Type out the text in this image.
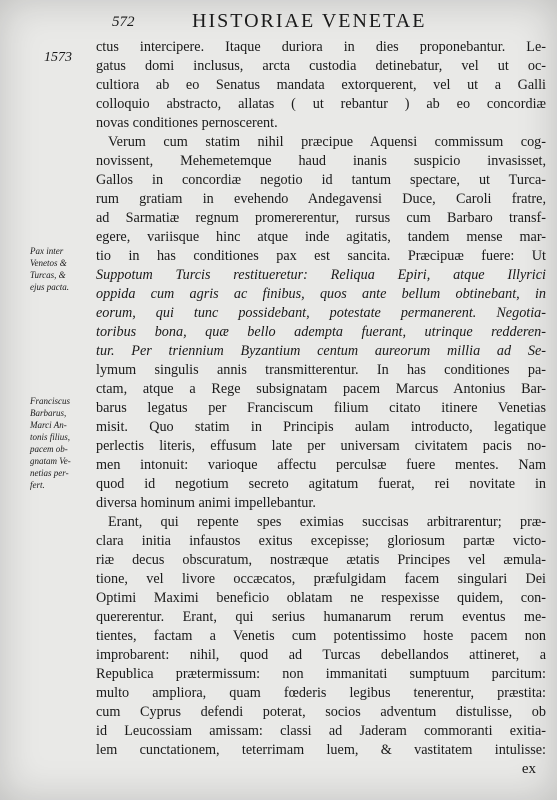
572	HISTORIAE VENETAE
1573
Pax inter
Venetos &
Turcas, &
ejus pacta.
Franciscus
Barbarus,
Marci An-
tonis filius,
pacem ob-
gnatam Ve-
netias per-
fert.
ctus intercipere. Itaque duriora in dies proponebantur. Le-
gatus domi inclusus, arcta custodia detinebatur, vel ut oc-
cultiora ab eo Senatus mandata extorquerent, vel ut a Galli
colloquio abstracto, allatas ( ut rebantur ) ab eo concordiæ
novas conditiones pernoscerent.
Verum cum statim nihil præcipue Aquensi commissum cog-
novissent, Mehemetemque haud inanis suspicio invasisset,
Gallos in concordiæ negotio id tantum spectare, ut Turca-
rum gratiam in evehendo Andegavensi Duce, Caroli fratre,
ad Sarmatiæ regnum promererentur, rursus cum Barbaro transf-
egere, variisque hinc atque inde agitatis, tandem mense mar-
tio in has conditiones pax est sancita. Præcipuæ fuere: Ut
Suppotum Turcis restitueretur: Reliqua Epiri, atque Illyrici
oppida cum agris ac finibus, quos ante bellum obtinebant, in
eorum, qui tunc possidebant, potestate permanerent. Negotia-
toribus bona, quæ bello adempta fuerant, utrinque redderen-
tur. Per triennium Byzantium centum aureorum millia ad Se-
lymum singulis annis transmitterentur. In has conditiones pa-
ctam, atque a Rege subsignatam pacem Marcus Antonius Bar-
barus legatus per Franciscum filium citato itinere Venetias
misit. Quo statim in Principis aulam introducto, legatique
perlectis literis, effusum late per universam civitatem pacis no-
men intonuit: varioque affectu perculsæ fuere mentes. Nam
quod id negotium secreto agitatum fuerat, rei novitate in
diversa hominum animi impellebantur.
Erant, qui repente spes eximias succisas arbitrarentur; præ-
clara initia infaustos exitus excepisse; gloriosum partæ victo-
riæ decus obscuratum, nostræque ætatis Principes vel æmula-
tione, vel livore occæcatos, præfulgidam facem singulari Dei
Optimi Maximi beneficio oblatam ne respexisse quidem, con-
quererentur. Erant, qui serius humanarum rerum eventus me-
tientes, factam a Venetis cum potentissimo hoste pacem non
improbarent: nihil, quod ad Turcas debellandos attineret, a
Republica prætermissum: non immanitati sumptuum parcitum:
multo ampliora, quam fœderis legibus tenerentur, præstita:
cum Cyprus defendi poterat, socios adventum distulisse, ob
id Leucossiam amissam: classi ad Jaderam commoranti exitia-
lem cunctationem, teterrimam luem, & vastitatem intulisse:
ex
